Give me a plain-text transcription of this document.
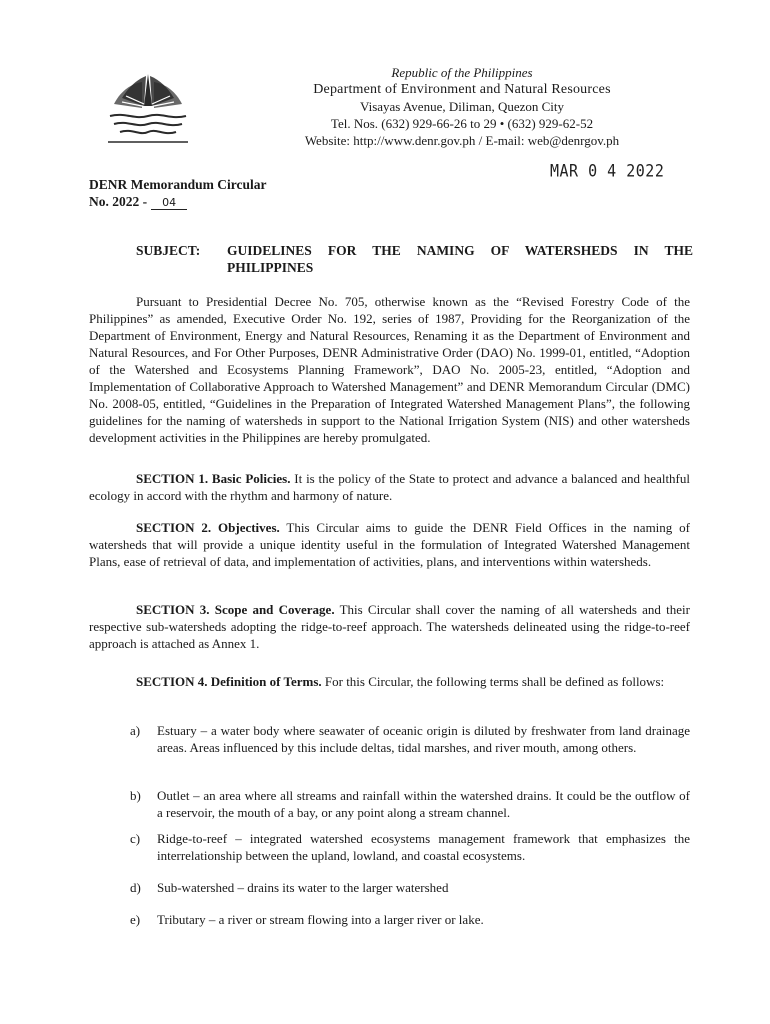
Republic of the Philippines
Department of Environment and Natural Resources
Visayas Avenue, Diliman, Quezon City
Tel. Nos. (632) 929-66-26 to 29 • (632) 929-62-52
Website: http://www.denr.gov.ph / E-mail: web@denrgov.ph
MAR 0 4 2022
DENR Memorandum Circular
No. 2022 -	04
SUBJECT: GUIDELINES FOR THE NAMING OF WATERSHEDS IN THE PHILIPPINES
Pursuant to Presidential Decree No. 705, otherwise known as the “Revised Forestry Code of the Philippines” as amended, Executive Order No. 192, series of 1987, Providing for the Reorganization of the Department of Environment, Energy and Natural Resources, Renaming it as the Department of Environment and Natural Resources, and For Other Purposes, DENR Administrative Order (DAO) No. 1999-01, entitled, “Adoption of the Watershed and Ecosystems Planning Framework”, DAO No. 2005-23, entitled, “Adoption and Implementation of Collaborative Approach to Watershed Management” and DENR Memorandum Circular (DMC) No. 2008-05, entitled, “Guidelines in the Preparation of Integrated Watershed Management Plans”, the following guidelines for the naming of watersheds in support to the National Irrigation System (NIS) and other watersheds development activities in the Philippines are hereby promulgated.
SECTION 1. Basic Policies. It is the policy of the State to protect and advance a balanced and healthful ecology in accord with the rhythm and harmony of nature.
SECTION 2. Objectives. This Circular aims to guide the DENR Field Offices in the naming of watersheds that will provide a unique identity useful in the formulation of Integrated Watershed Management Plans, ease of retrieval of data, and implementation of activities, plans, and interventions within watersheds.
SECTION 3. Scope and Coverage. This Circular shall cover the naming of all watersheds and their respective sub-watersheds adopting the ridge-to-reef approach. The watersheds delineated using the ridge-to-reef approach is attached as Annex 1.
SECTION 4. Definition of Terms. For this Circular, the following terms shall be defined as follows:
a)	Estuary – a water body where seawater of oceanic origin is diluted by freshwater from land drainage areas. Areas influenced by this include deltas, tidal marshes, and river mouth, among others.
b)	Outlet – an area where all streams and rainfall within the watershed drains. It could be the outflow of a reservoir, the mouth of a bay, or any point along a stream channel.
c)	Ridge-to-reef – integrated watershed ecosystems management framework that emphasizes the interrelationship between the upland, lowland, and coastal ecosystems.
d)	Sub-watershed – drains its water to the larger watershed
e)	Tributary – a river or stream flowing into a larger river or lake.
